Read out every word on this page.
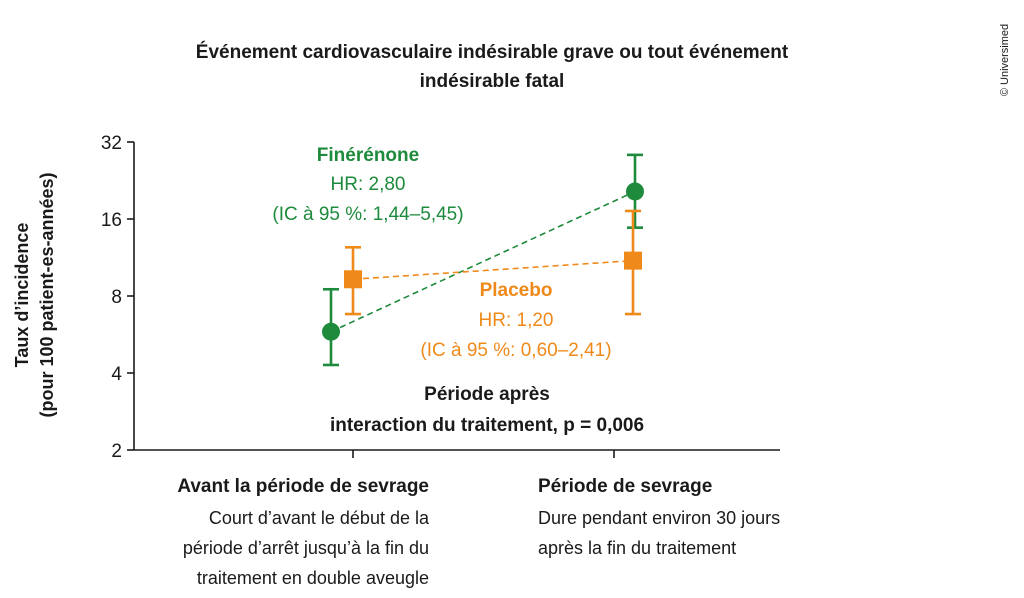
Événement cardiovasculaire indésirable grave ou tout événement
indésirable fatal	© Universimed
Taux d’incidence (pour 100 patient-es-années)
2
4
8
16
32
Finérénone
HR: 2,80
(IC à 95 %: 1,44–5,45)
Placebo
HR: 1,20
(IC à 95 %: 0,60–2,41)
Période après
interaction du traitement, p = 0,006
Avant la période de sevrage
Court d’avant le début de la
période d’arrêt jusqu’à la fin du
traitement en double aveugle
Période de sevrage
Dure pendant environ 30 jours
après la fin du traitement
